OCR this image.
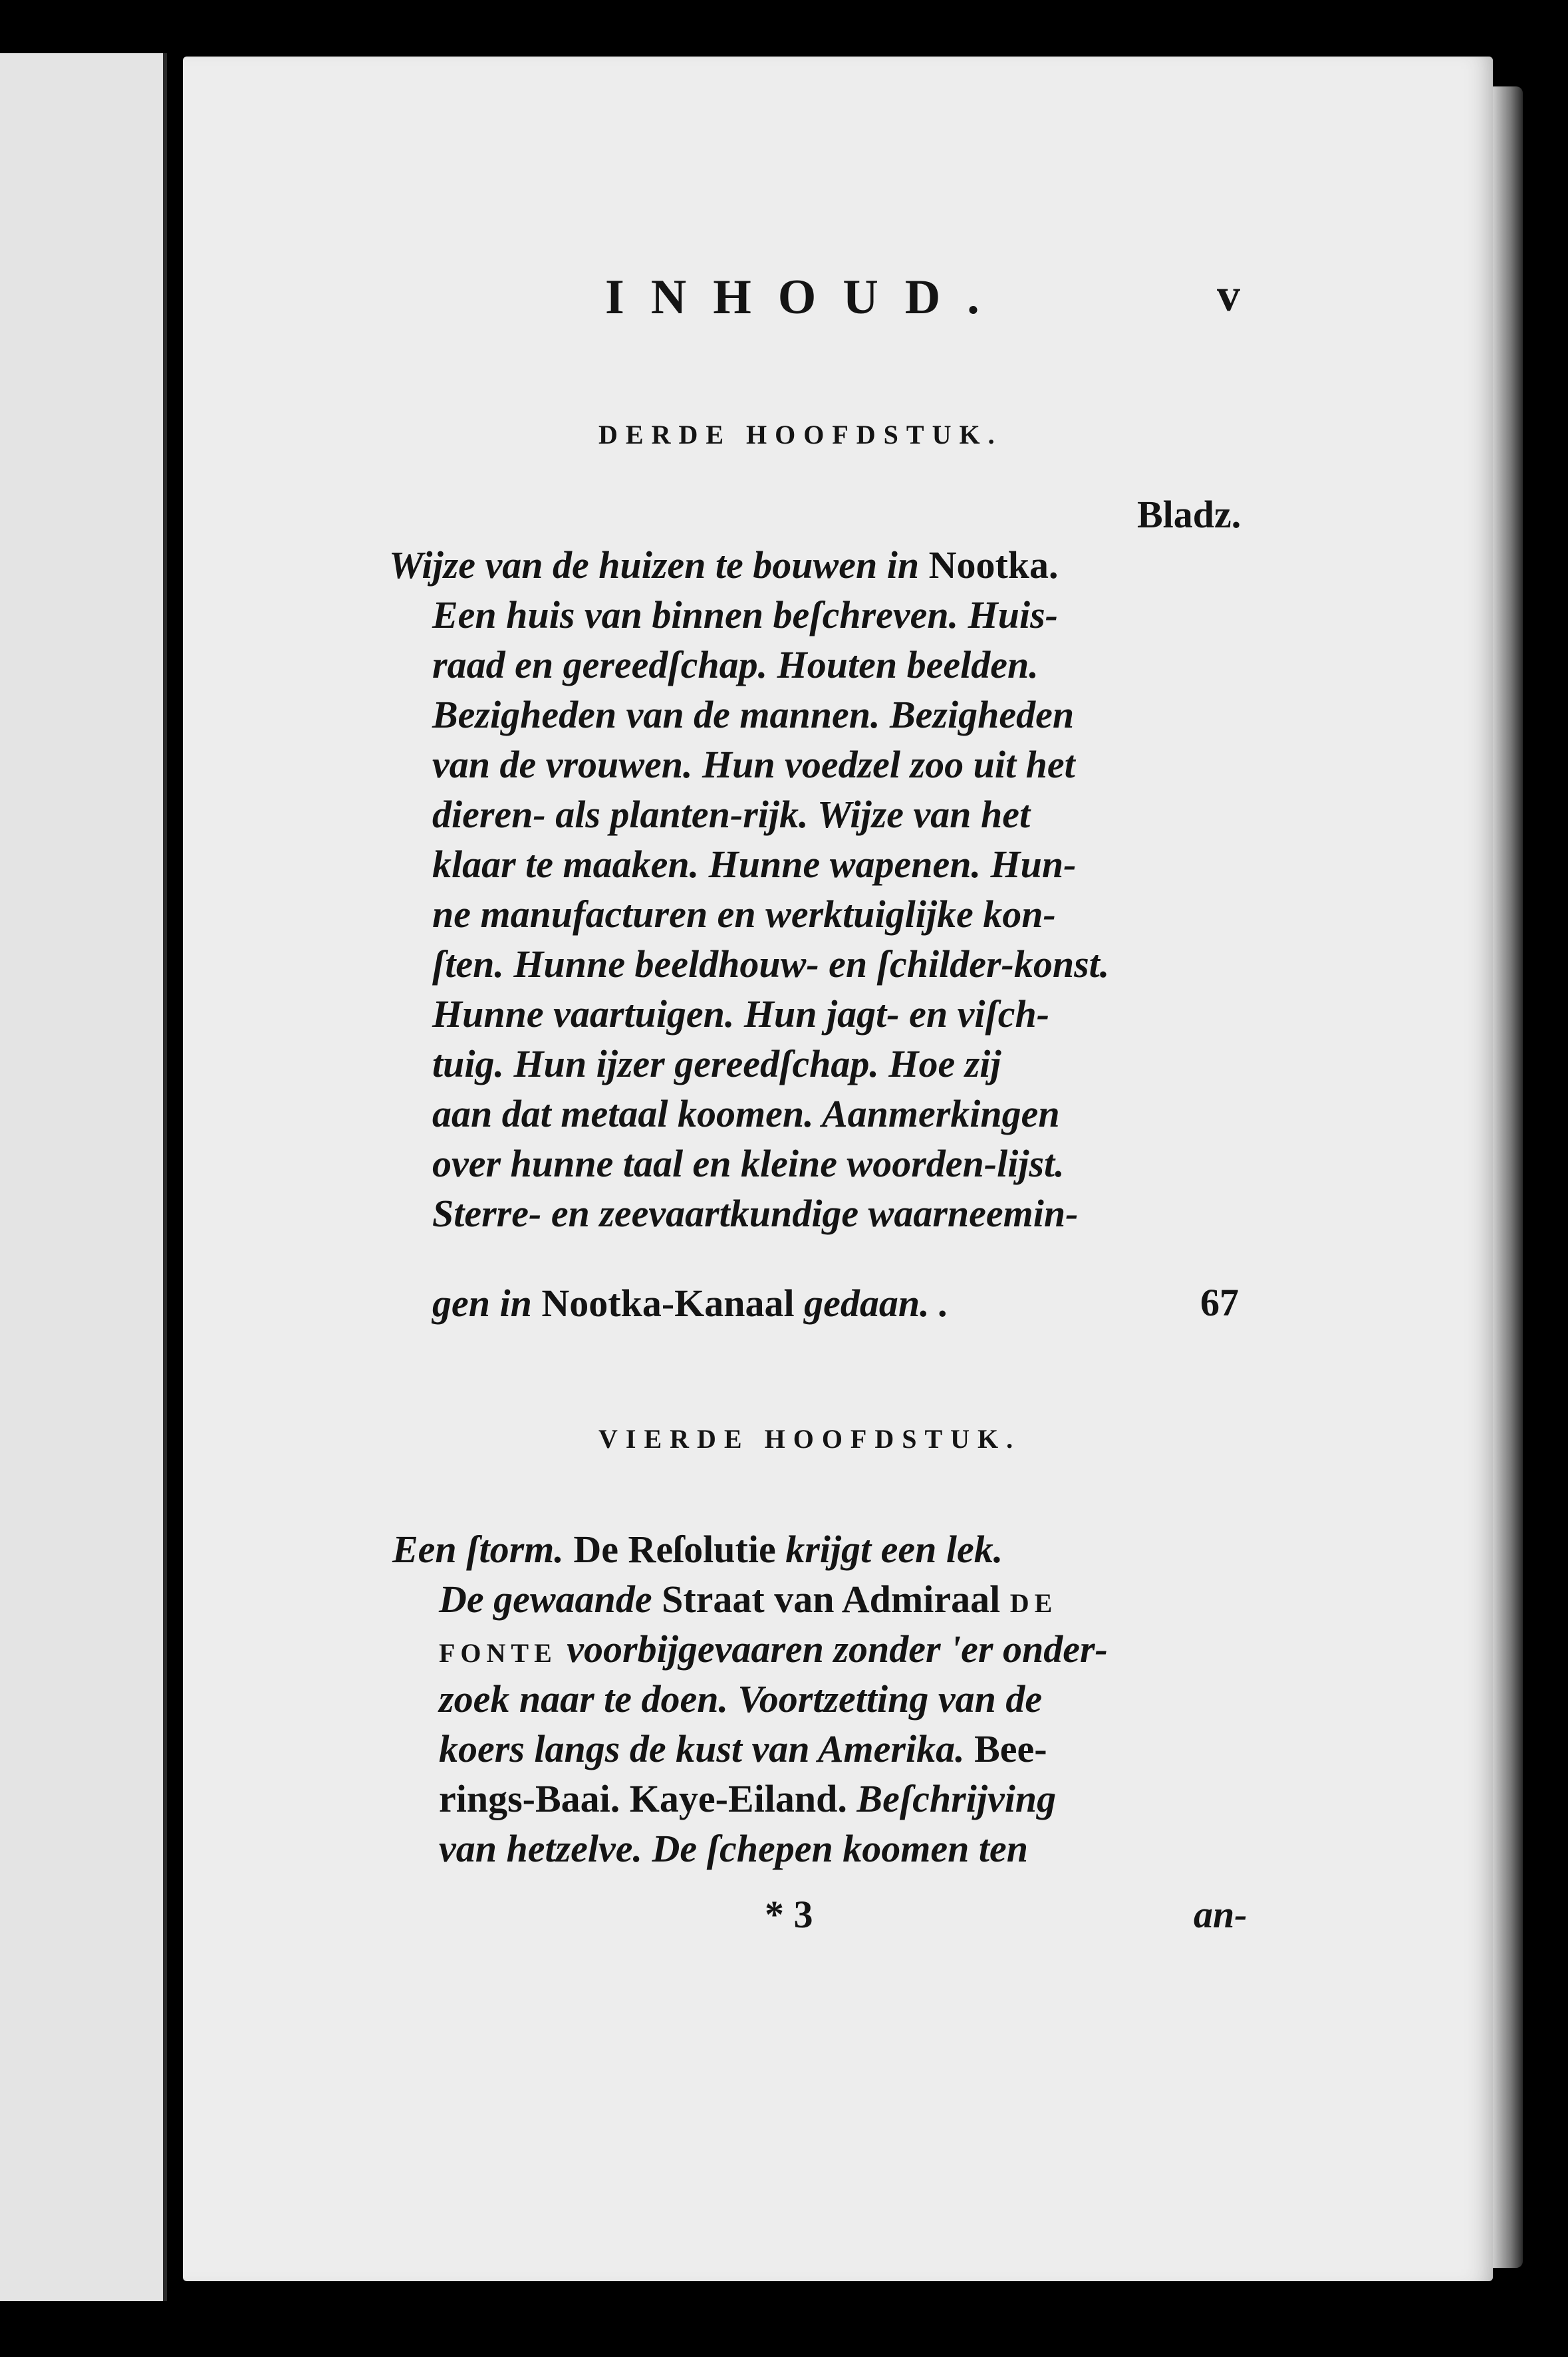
INHOUD.	v
DERDE HOOFDSTUK.
Bladz.
Wijze van de huizen te bouwen in Nootka.
Een huis van binnen beſchreven. Huis-
raad en gereedſchap. Houten beelden.
Bezigheden van de mannen. Bezigheden
van de vrouwen. Hun voedzel zoo uit het
dieren- als planten-rijk. Wijze van het
klaar te maaken. Hunne wapenen. Hun-
ne manufacturen en werktuiglijke kon-
ſten. Hunne beeldhouw- en ſchilder-konst.
Hunne vaartuigen. Hun jagt- en viſch-
tuig. Hun ijzer gereedſchap. Hoe zij
aan dat metaal koomen. Aanmerkingen
over hunne taal en kleine woorden-lijst.
Sterre- en zeevaartkundige waarneemin-
gen in Nootka-Kanaal gedaan. .	67
VIERDE HOOFDSTUK.
Een ſtorm. De Reſolutie krijgt een lek.
De gewaande Straat van Admiraal DE
FONTE voorbijgevaaren zonder 'er onder-
zoek naar te doen. Voortzetting van de
koers langs de kust van Amerika. Bee-
rings-Baai. Kaye-Eiland. Beſchrijving
van hetzelve. De ſchepen koomen ten
* 3	an-
